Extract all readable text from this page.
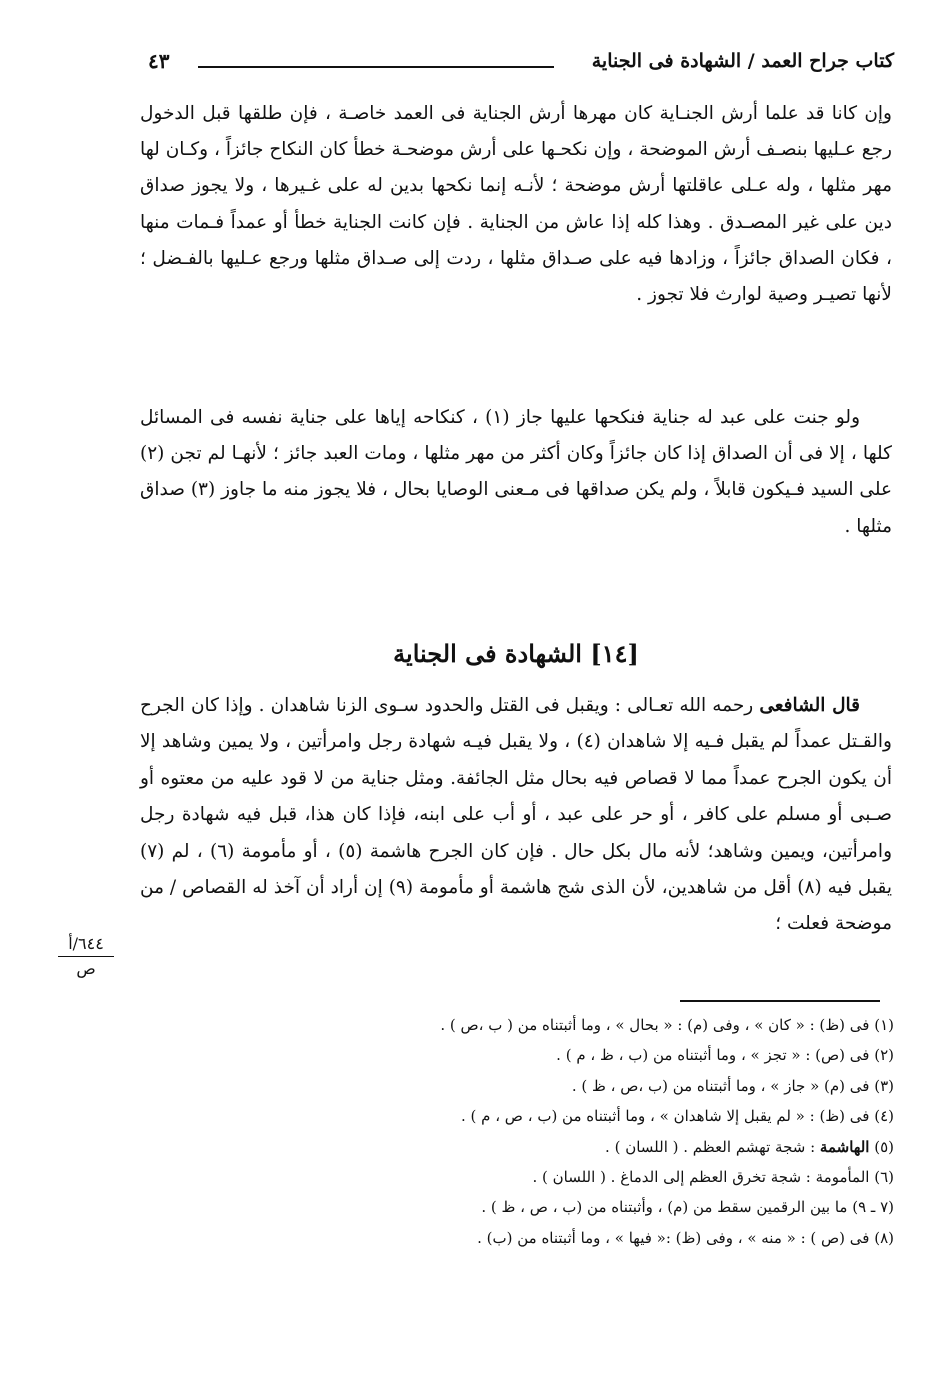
كتاب جراح العمد / الشهادة فى الجناية
٤٣
وإن كانا قد علما أرش الجنـاية كان مهرها أرش الجناية فى العمد خاصـة ، فإن طلقها قبل الدخول رجع عـليها بنصـف أرش الموضحة ، وإن نكحـها على أرش موضحـة خطأ كان النكاح جائزاً ، وكـان لها مهر مثلها ، وله عـلى عاقلتها أرش موضحة ؛ لأنـه إنما نكحها بدين له على غـيرها ، ولا يجوز صداق دين على غير المصـدق . وهذا كله إذا عاش من الجناية . فإن كانت الجناية خطأ أو عمداً فـمات منها ، فكان الصداق جائزاً ، وزادها فيه على صـداق مثلها ، ردت إلى صـداق مثلها ورجع عـليها بالفـضل ؛ لأنها تصيـر وصية لوارث فلا تجوز .
ولو جنت على عبد له جناية فنكحها عليها جاز (١) ، كنكاحه إياها على جناية نفسه فى المسائل كلها ، إلا فى أن الصداق إذا كان جائزاً وكان أكثر من مهر مثلها ، ومات العبد جائز ؛ لأنهـا لم تجن (٢) على السيد فـيكون قابلاً ، ولم يكن صداقها فى مـعنى الوصايا بحال ، فلا يجوز منه ما جاوز (٣) صداق مثلها .
[١٤] الشهادة فى الجناية
قال الشافعى رحمه الله تعـالى : ويقبل فى القتل والحدود سـوى الزنا شاهدان . وإذا كان الجرح والقـتل عمداً لم يقبل فـيه إلا شاهدان (٤) ، ولا يقبل فيـه شهادة رجل وامرأتين ، ولا يمين وشاهد إلا أن يكون الجرح عمداً مما لا قصاص فيه بحال مثل الجائفة. ومثل جناية من لا قود عليه من معتوه أو صـبى أو مسلم على كافر ، أو حر على عبد ، أو أب على ابنه، فإذا كان هذا، قبل فيه شهادة رجل وامرأتين، ويمين وشاهد؛ لأنه مال بكل حال . فإن كان الجرح هاشمة (٥) ، أو مأمومة (٦) ، لم (٧) يقبل فيه (٨) أقل من شاهدين، لأن الذى شج هاشمة أو مأمومة (٩) إن أراد أن آخذ له القصاص / من موضحة فعلت ؛
٦٤٤/أ
ص
(١) فى (ظ) : « كان » ، وفى (م) : « بحال » ، وما أثبتناه من ( ب ،ص ) .
(٢) فى (ص) : « تجز » ، وما أثبتناه من (ب ، ظ ، م ) .
(٣) فى (م) « جاز » ، وما أثبتناه من (ب ،ص ، ظ ) .
(٤) فى (ظ) : « لم يقبل إلا شاهدان » ، وما أثبتناه من (ب ، ص ، م ) .
(٥) الهاشمة : شجة تهشم العظم . ( اللسان ) .
(٦) المأمومة : شجة تخرق العظم إلى الدماغ . ( اللسان ) .
(٧ ـ ٩) ما بين الرقمين سقط من (م) ، وأثبتناه من (ب ، ص ، ظ ) .
(٨) فى (ص ) : « منه » ، وفى (ظ) :« فيها » ، وما أثبتناه من (ب) .
